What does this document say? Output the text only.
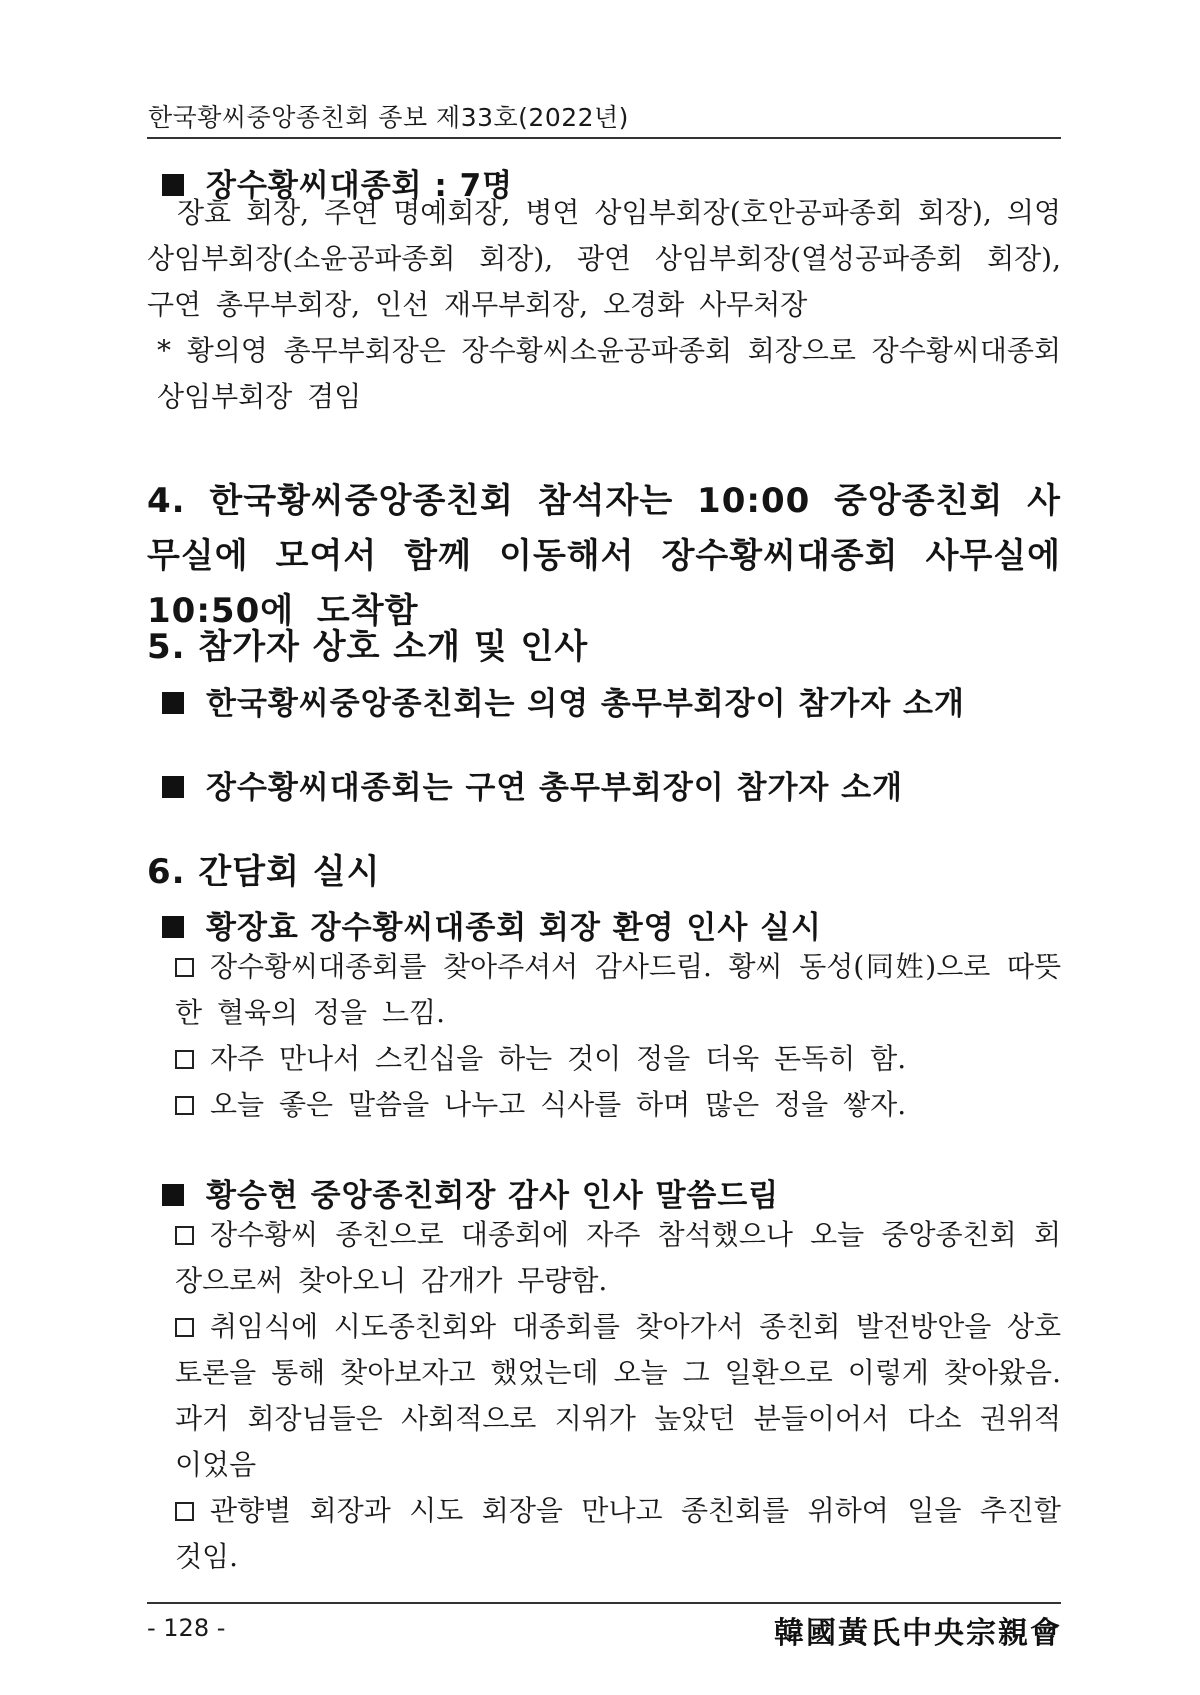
한국황씨중앙종친회 종보 제33호(2022년)
장수황씨대종회 : 7명
장효 회장, 주연 명예회장, 병연 상임부회장(호안공파종회 회장), 의영 상임부회장(소윤공파종회 회장), 광연 상임부회장(열성공파종회 회장), 구연 총무부회장, 인선 재무부회장, 오경화 사무처장
* 황의영 총무부회장은 장수황씨소윤공파종회 회장으로 장수황씨대종회 상임부회장 겸임
4. 한국황씨중앙종친회 참석자는 10:00 중앙종친회 사무실에 모여서 함께 이동해서 장수황씨대종회 사무실에 10:50에 도착함
5. 참가자 상호 소개 및 인사
한국황씨중앙종친회는 의영 총무부회장이 참가자 소개
장수황씨대종회는 구연 총무부회장이 참가자 소개
6. 간담회 실시
황장효 장수황씨대종회 회장 환영 인사 실시
장수황씨대종회를 찾아주셔서 감사드림. 황씨 동성(同姓)으로 따뜻한 혈육의 정을 느낌.
자주 만나서 스킨십을 하는 것이 정을 더욱 돈독히 함.
오늘 좋은 말씀을 나누고 식사를 하며 많은 정을 쌓자.
황승현 중앙종친회장 감사 인사 말씀드림
장수황씨 종친으로 대종회에 자주 참석했으나 오늘 중앙종친회 회장으로써 찾아오니 감개가 무량함.
취임식에 시도종친회와 대종회를 찾아가서 종친회 발전방안을 상호 토론을 통해 찾아보자고 했었는데 오늘 그 일환으로 이렇게 찾아왔음. 과거 회장님들은 사회적으로 지위가 높았던 분들이어서 다소 권위적이었음
관향별 회장과 시도 회장을 만나고 종친회를 위하여 일을 추진할 것임.
- 128 -	韓國黃氏中央宗親會
